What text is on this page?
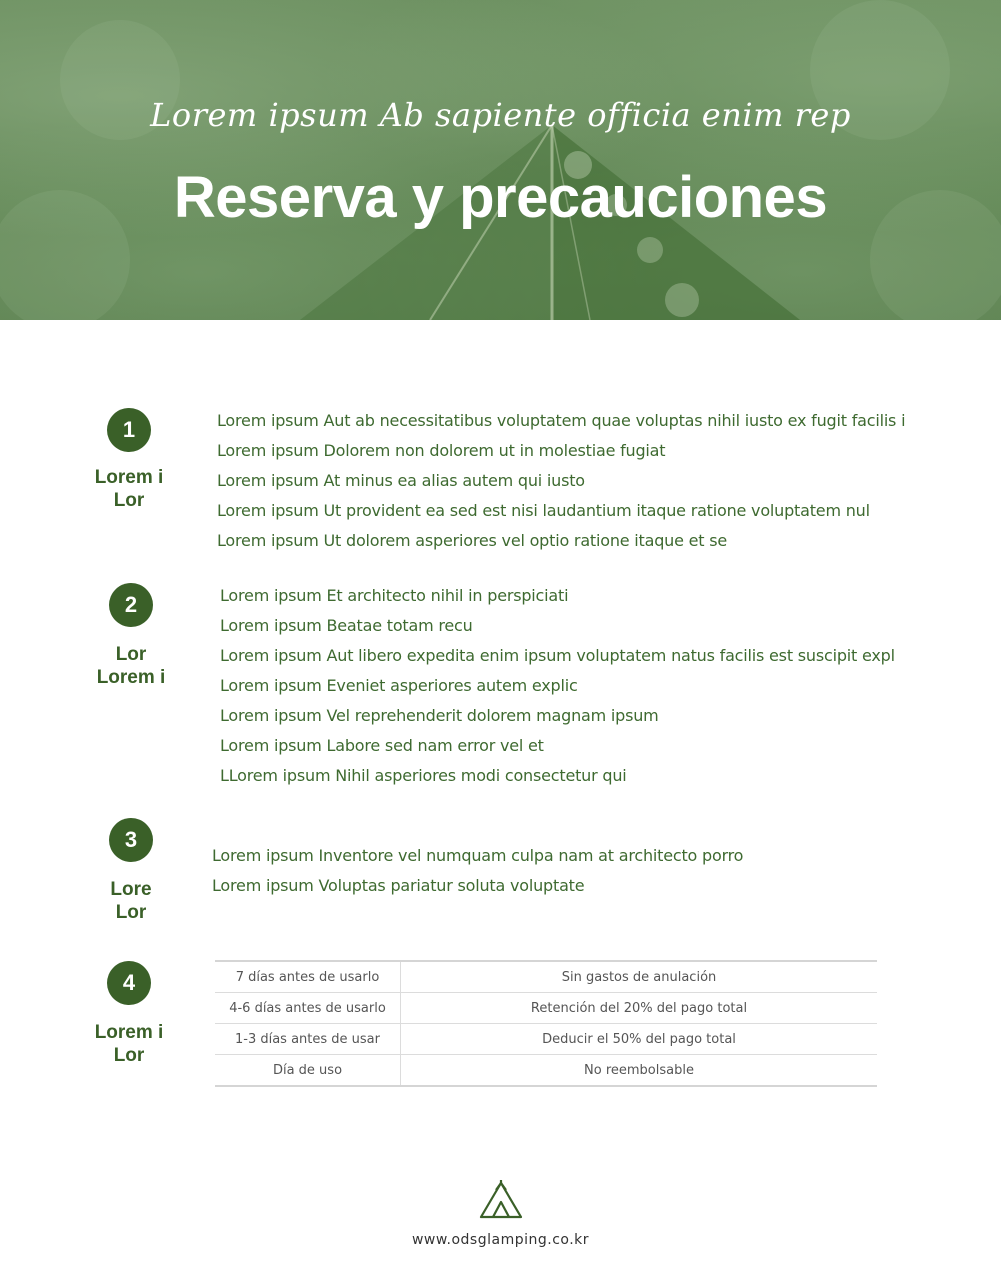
Lorem ipsum Ab sapiente officia enim rep
Reserva y precauciones
1
Lorem i
Lor
Lorem ipsum Aut ab necessitatibus voluptatem quae voluptas nihil iusto ex fugit facilis i
Lorem ipsum Dolorem non dolorem ut in molestiae fugiat
Lorem ipsum At minus ea alias autem qui iusto
Lorem ipsum Ut provident ea sed est nisi laudantium itaque ratione voluptatem nul
Lorem ipsum Ut dolorem asperiores vel optio ratione itaque et se
2
Lor
Lorem i
Lorem ipsum Et architecto nihil in perspiciati
Lorem ipsum Beatae totam recu
Lorem ipsum Aut libero expedita enim ipsum voluptatem natus facilis est suscipit expl
Lorem ipsum Eveniet asperiores autem explic
Lorem ipsum Vel reprehenderit dolorem magnam ipsum
Lorem ipsum Labore sed nam error vel et
LLorem ipsum Nihil asperiores modi consectetur qui
3
Lore
Lor
Lorem ipsum Inventore vel numquam culpa nam at architecto porro
Lorem ipsum Voluptas pariatur soluta voluptate
4
Lorem i
Lor
7 días antes de usarlo	Sin gastos de anulación
4-6 días antes de usarlo	Retención del 20% del pago total
1-3 días antes de usar	Deducir el 50% del pago total
Día de uso	No reembolsable
www.odsglamping.co.kr
